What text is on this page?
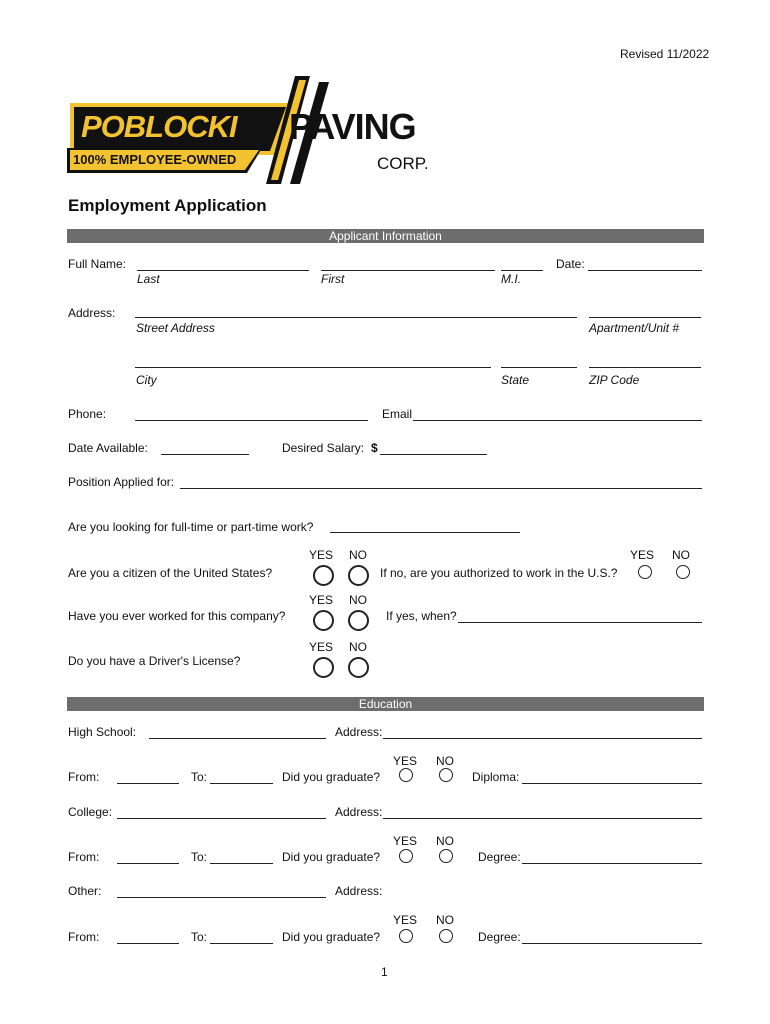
Revised 11/2022
POBLOCKI PAVING
100% EMPLOYEE-OWNED	CORP.
Employment Application
Applicant Information
Full Name:	Date:
Last	First	M.I.
Address:
Street Address	Apartment/Unit #
City	State	ZIP Code
Phone:	Email
Date Available:	Desired Salary: $
Position Applied for:
Are you looking for full-time or part-time work?
YES NO
Are you a citizen of the United States?	If no, are you authorized to work in the U.S.?
YES NO
YES NO
Have you ever worked for this company?	If yes, when?
YES NO
Do you have a Driver's License?
Education
High School:	Address:
YES NO
From:	To:	Did you graduate?	Diploma:
College:	Address:
YES NO
From:	To:	Did you graduate?	Degree:
Other:	Address:
YES NO
From:	To:	Did you graduate?	Degree:
1
